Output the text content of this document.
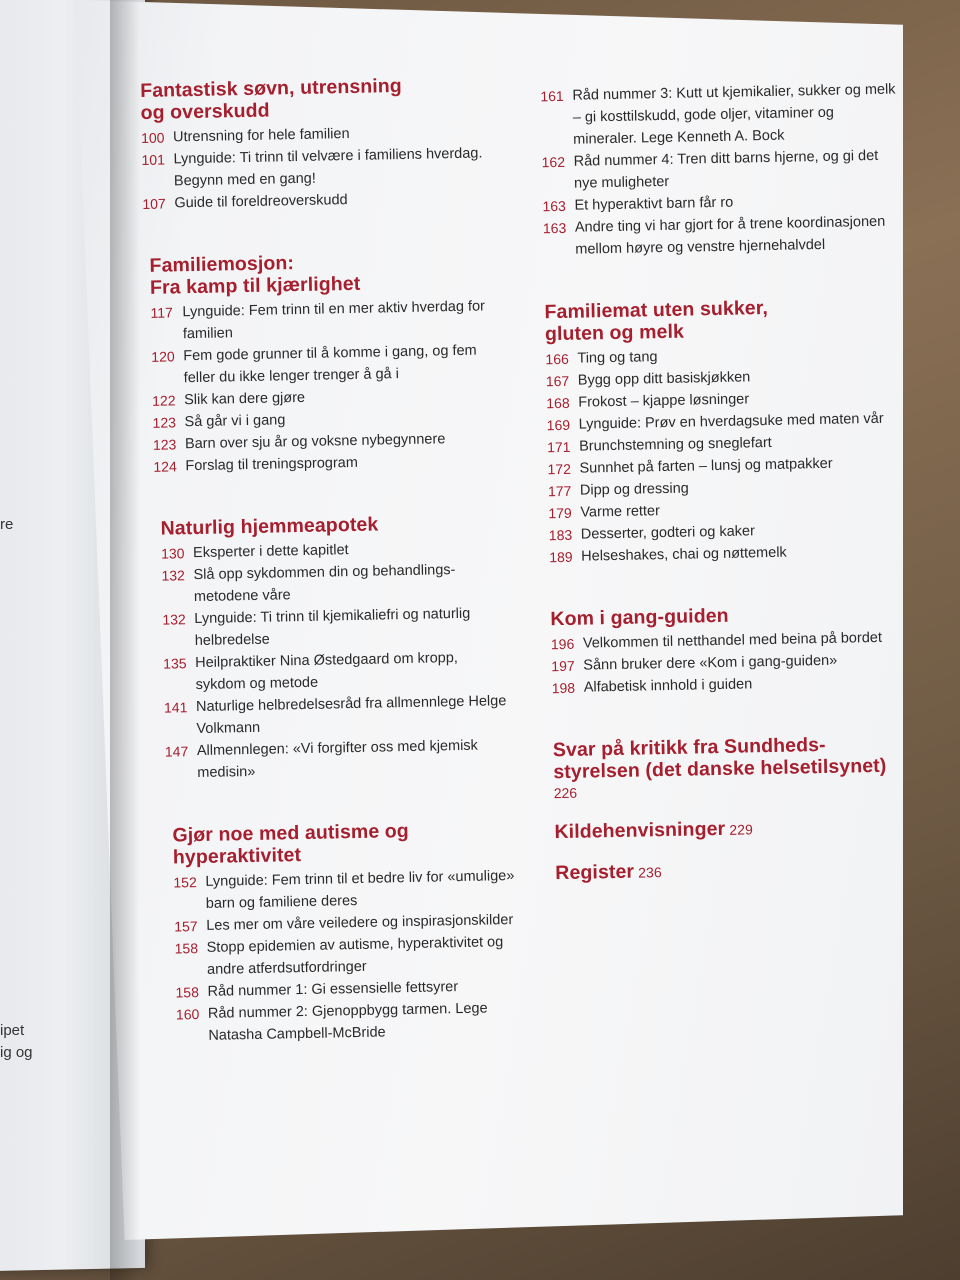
re
ipet
ig og
Fantastisk søvn, utrensning
og overskudd
100 Utrensning for hele familien
101 Lynguide: Ti trinn til velvære i familiens hverdag. Begynn med en gang!
107 Guide til foreldreoverskudd
Familiemosjon:
Fra kamp til kjærlighet
117 Lynguide: Fem trinn til en mer aktiv hverdag for familien
120 Fem gode grunner til å komme i gang, og fem feller du ikke lenger trenger å gå i
122 Slik kan dere gjøre
123 Så går vi i gang
123 Barn over sju år og voksne nybegynnere
124 Forslag til treningsprogram
Naturlig hjemmeapotek
130 Eksperter i dette kapitlet
132 Slå opp sykdommen din og behandlings-metodene våre
132 Lynguide: Ti trinn til kjemikaliefri og naturlig helbredelse
135 Heilpraktiker Nina Østedgaard om kropp, sykdom og metode
141 Naturlige helbredelsesråd fra allmennlege Helge Volkmann
147 Allmennlegen: «Vi forgifter oss med kjemisk medisin»
Gjør noe med autisme og
hyperaktivitet
152 Lynguide: Fem trinn til et bedre liv for «umulige» barn og familiene deres
157 Les mer om våre veiledere og inspirasjonskilder
158 Stopp epidemien av autisme, hyperaktivitet og andre atferdsutfordringer
158 Råd nummer 1: Gi essensielle fettsyrer
160 Råd nummer 2: Gjenoppbygg tarmen. Lege Natasha Campbell-McBride
161 Råd nummer 3: Kutt ut kjemikalier, sukker og melk – gi kosttilskudd, gode oljer, vitaminer og mineraler. Lege Kenneth A. Bock
162 Råd nummer 4: Tren ditt barns hjerne, og gi det nye muligheter
163 Et hyperaktivt barn får ro
163 Andre ting vi har gjort for å trene koordinasjonen mellom høyre og venstre hjernehalvdel
Familiemat uten sukker,
gluten og melk
166 Ting og tang
167 Bygg opp ditt basiskjøkken
168 Frokost – kjappe løsninger
169 Lynguide: Prøv en hverdagsuke med maten vår
171 Brunchstemning og sneglefart
172 Sunnhet på farten – lunsj og matpakker
177 Dipp og dressing
179 Varme retter
183 Desserter, godteri og kaker
189 Helseshakes, chai og nøttemelk
Kom i gang-guiden
196 Velkommen til netthandel med beina på bordet
197 Sånn bruker dere «Kom i gang-guiden»
198 Alfabetisk innhold i guiden
Svar på kritikk fra Sundheds-
styrelsen (det danske helsetilsynet)
226
Kildehenvisninger 229
Register 236
